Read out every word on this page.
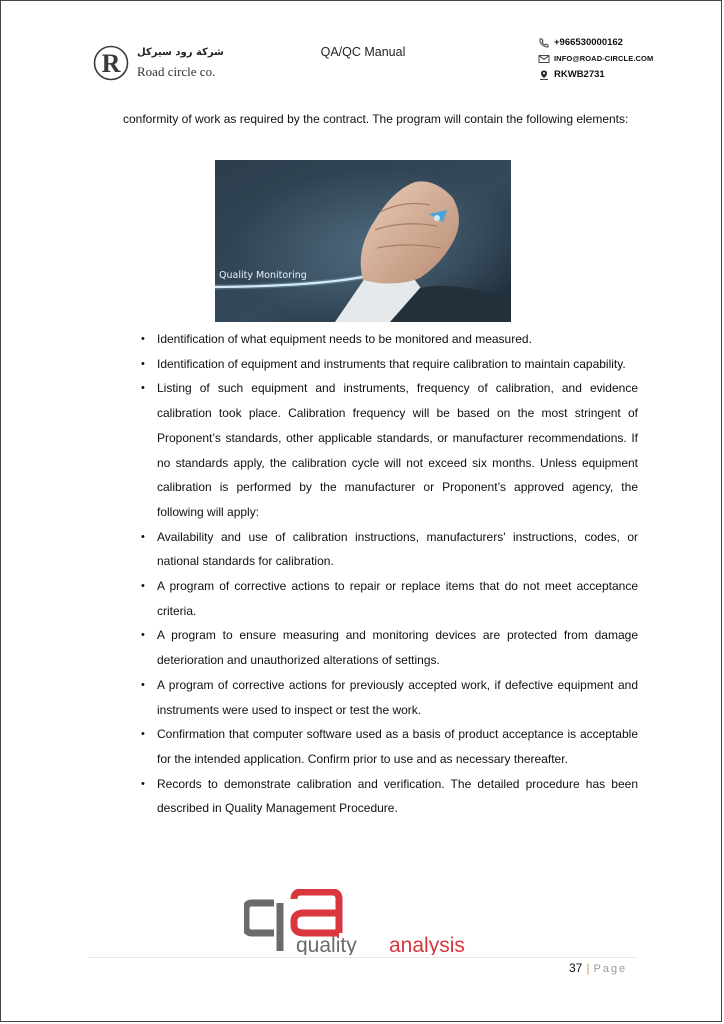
R شركة رود سيركل
Road circle co.
QA/QC Manual
+966530000162
INFO@ROAD-CIRCLE.COM
RKWB2731

conformity of work as required by the contract. The program will contain the following elements:

Quality Monitoring
• Identification of what equipment needs to be monitored and measured.
• Identification of equipment and instruments that require calibration to maintain capability.
• Listing of such equipment and instruments, frequency of calibration, and evidence calibration took place. Calibration frequency will be based on the most stringent of Proponent’s standards, other applicable standards, or manufacturer recommendations. If no standards apply, the calibration cycle will not exceed six months. Unless equipment calibration is performed by the manufacturer or Proponent’s approved agency, the following will apply:
• Availability and use of calibration instructions, manufacturers' instructions, codes, or national standards for calibration.
• A program of corrective actions to repair or replace items that do not meet acceptance criteria.
• A program to ensure measuring and monitoring devices are protected from damage deterioration and unauthorized alterations of settings.
• A program of corrective actions for previously accepted work, if defective equipment and instruments were used to inspect or test the work.
• Confirmation that computer software used as a basis of product acceptance is acceptable for the intended application. Confirm prior to use and as necessary thereafter.
• Records to demonstrate calibration and verification. The detailed procedure has been described in Quality Management Procedure.
quality analysis
37 | Page
